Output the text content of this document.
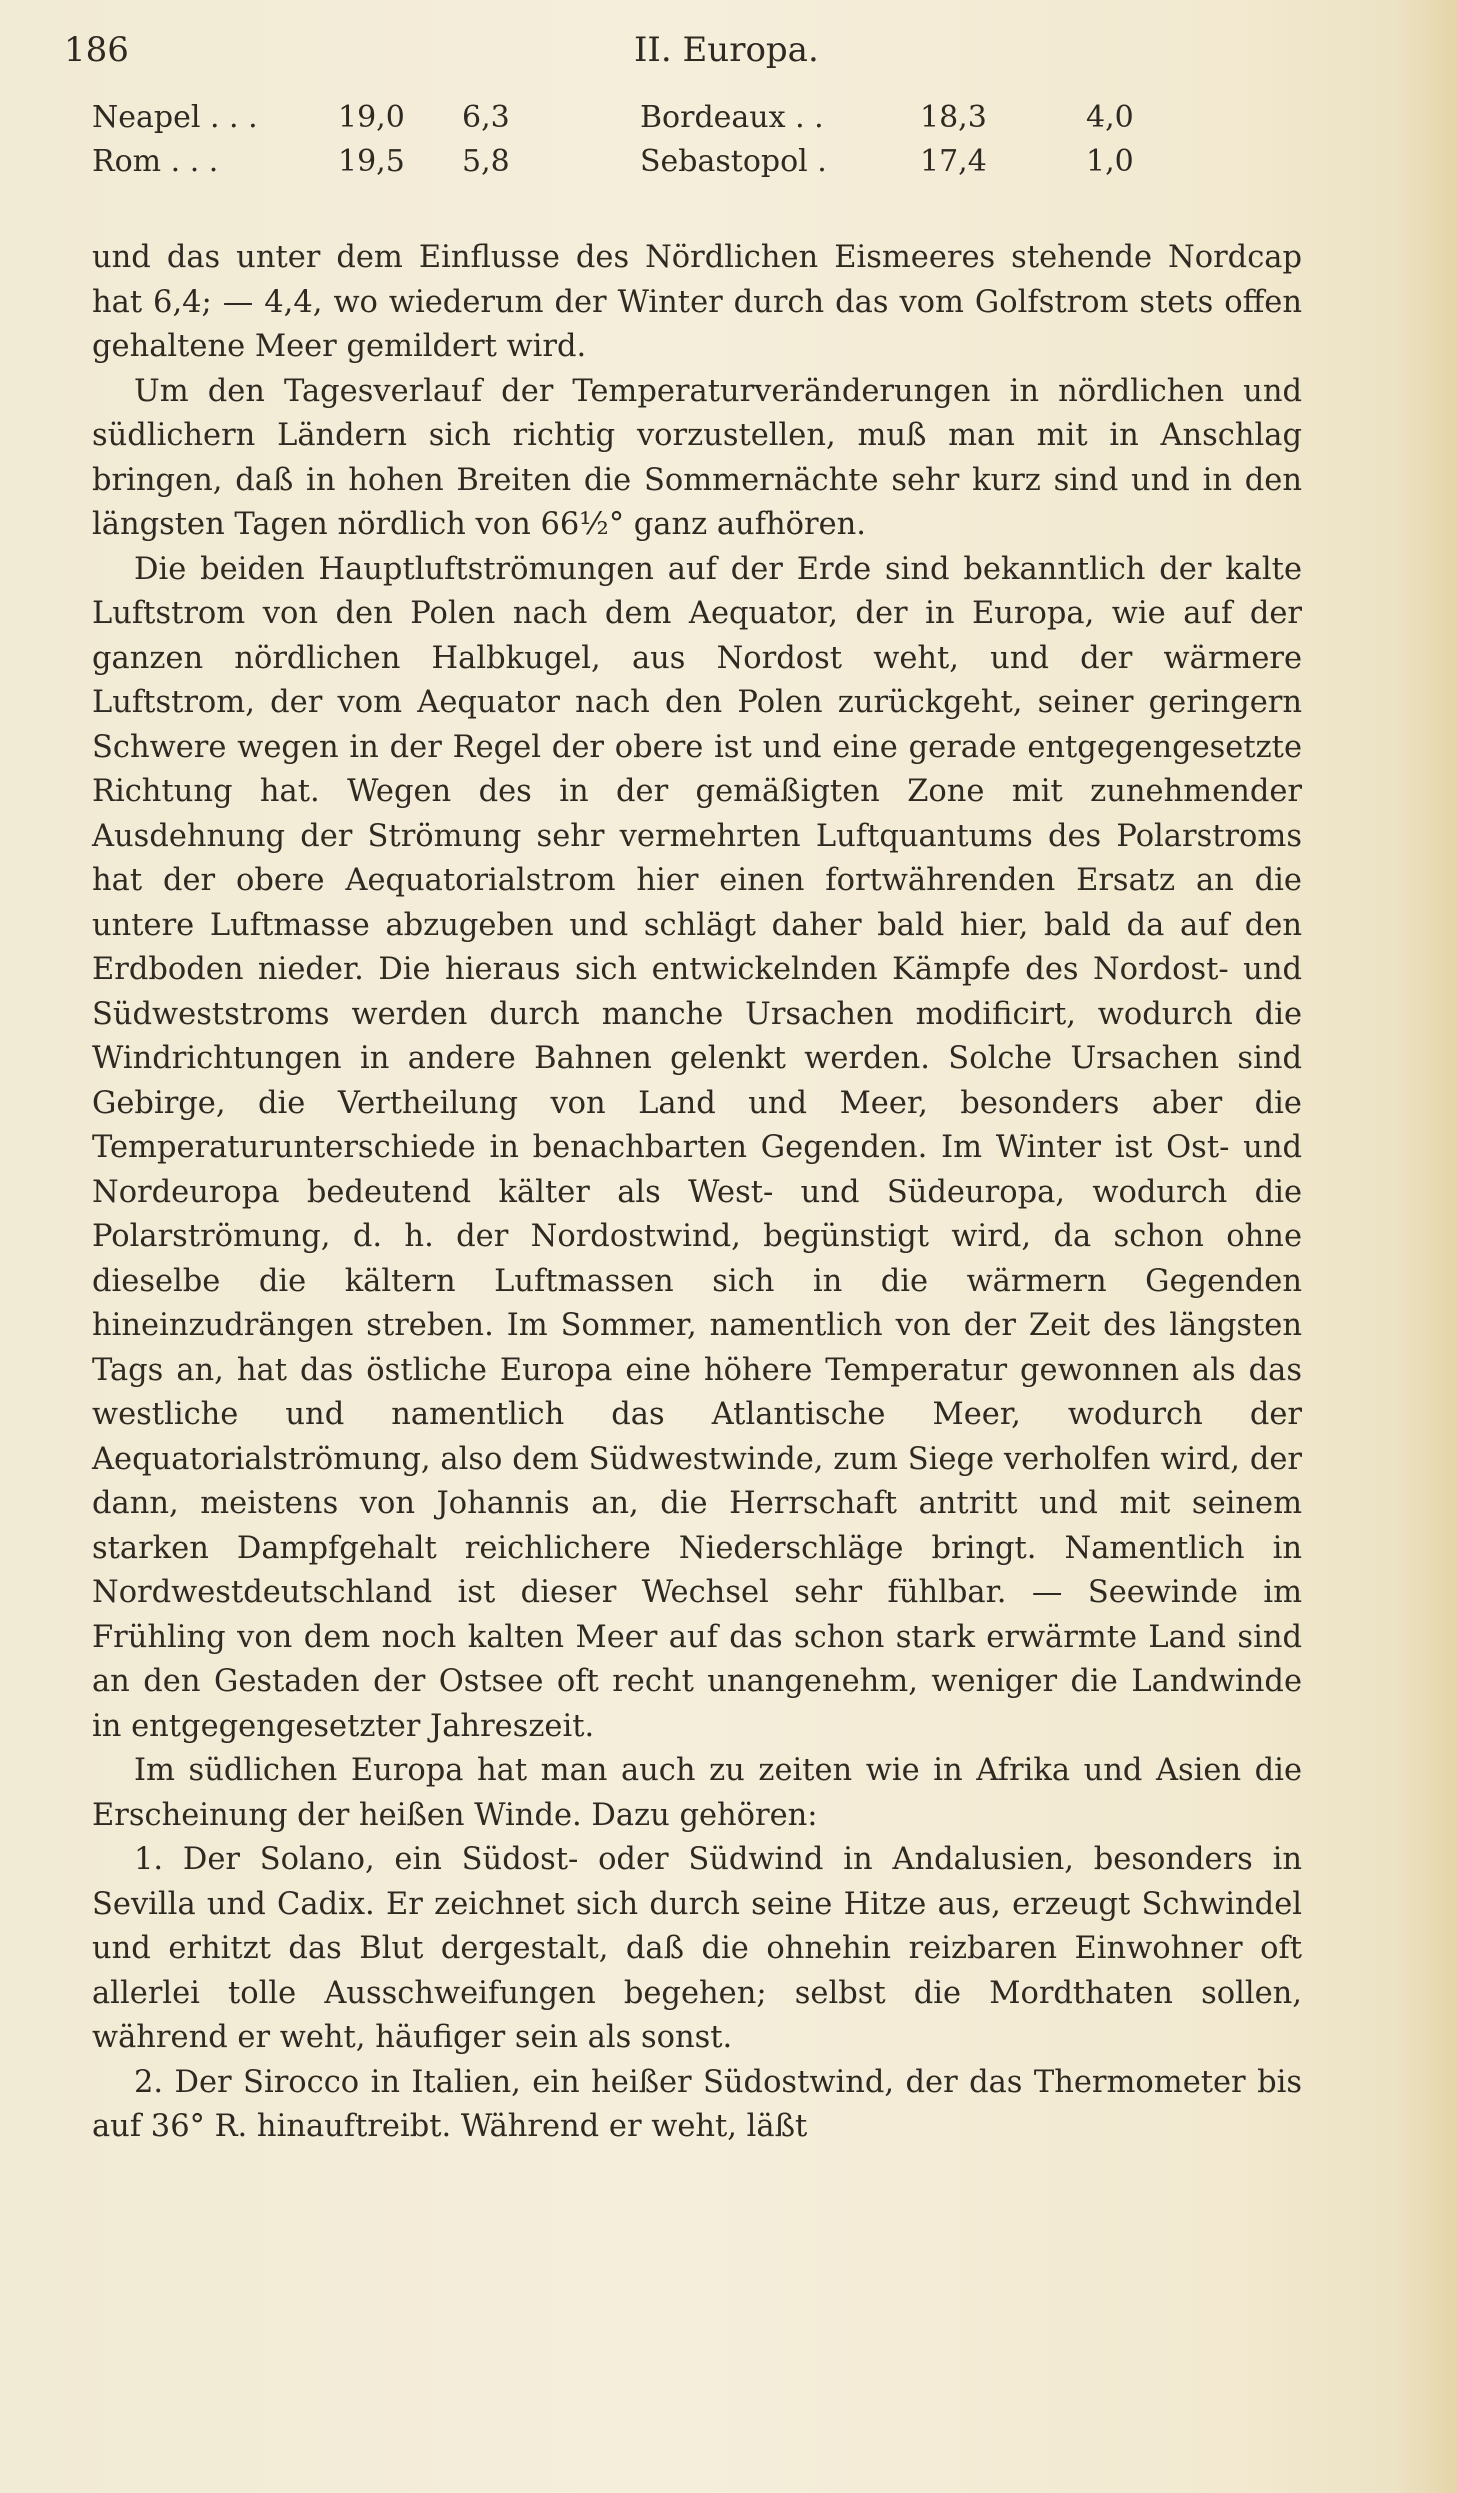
186	II. Europa.
Neapel . . .	19,0 6,3	Bordeaux . .	18,3	4,0
Rom . . .	19,5 5,8	Sebastopol .	17,4	1,0

und das unter dem Einflusse des Nördlichen Eismeeres stehende Nordcap hat 6,4; — 4,4, wo wiederum der Winter durch das vom Golfstrom stets offen gehaltene Meer gemildert wird.

Um den Tagesverlauf der Temperaturveränderungen in nördlichen und südlichern Ländern sich richtig vorzustellen, muß man mit in Anschlag bringen, daß in hohen Breiten die Sommernächte sehr kurz sind und in den längsten Tagen nördlich von 66½° ganz aufhören.

Die beiden Hauptluftströmungen auf der Erde sind bekanntlich der kalte Luftstrom von den Polen nach dem Aequator, der in Europa, wie auf der ganzen nördlichen Halbkugel, aus Nordost weht, und der wärmere Luftstrom, der vom Aequator nach den Polen zurückgeht, seiner geringern Schwere wegen in der Regel der obere ist und eine gerade entgegengesetzte Richtung hat. Wegen des in der gemäßigten Zone mit zunehmender Ausdehnung der Strömung sehr vermehrten Luftquantums des Polarstroms hat der obere Aequatorialstrom hier einen fortwährenden Ersatz an die untere Luftmasse abzugeben und schlägt daher bald hier, bald da auf den Erdboden nieder. Die hieraus sich entwickelnden Kämpfe des Nordost- und Südweststroms werden durch manche Ursachen modificirt, wodurch die Windrichtungen in andere Bahnen gelenkt werden. Solche Ursachen sind Gebirge, die Vertheilung von Land und Meer, besonders aber die Temperaturunterschiede in benachbarten Gegenden. Im Winter ist Ost- und Nordeuropa bedeutend kälter als West- und Südeuropa, wodurch die Polarströmung, d. h. der Nordostwind, begünstigt wird, da schon ohne dieselbe die kältern Luftmassen sich in die wärmern Gegenden hineinzudrängen streben. Im Sommer, namentlich von der Zeit des längsten Tags an, hat das östliche Europa eine höhere Temperatur gewonnen als das westliche und namentlich das Atlantische Meer, wodurch der Aequatorialströmung, also dem Südwestwinde, zum Siege verholfen wird, der dann, meistens von Johannis an, die Herrschaft antritt und mit seinem starken Dampfgehalt reichlichere Niederschläge bringt. Namentlich in Nordwestdeutschland ist dieser Wechsel sehr fühlbar. — Seewinde im Frühling von dem noch kalten Meer auf das schon stark erwärmte Land sind an den Gestaden der Ostsee oft recht unangenehm, weniger die Landwinde in entgegengesetzter Jahreszeit.

Im südlichen Europa hat man auch zu zeiten wie in Afrika und Asien die Erscheinung der heißen Winde. Dazu gehören:

1. Der Solano, ein Südost- oder Südwind in Andalusien, besonders in Sevilla und Cadix. Er zeichnet sich durch seine Hitze aus, erzeugt Schwindel und erhitzt das Blut dergestalt, daß die ohnehin reizbaren Einwohner oft allerlei tolle Ausschweifungen begehen; selbst die Mordthaten sollen, während er weht, häufiger sein als sonst.

2. Der Sirocco in Italien, ein heißer Südostwind, der das Thermometer bis auf 36° R. hinauftreibt. Während er weht, läßt
